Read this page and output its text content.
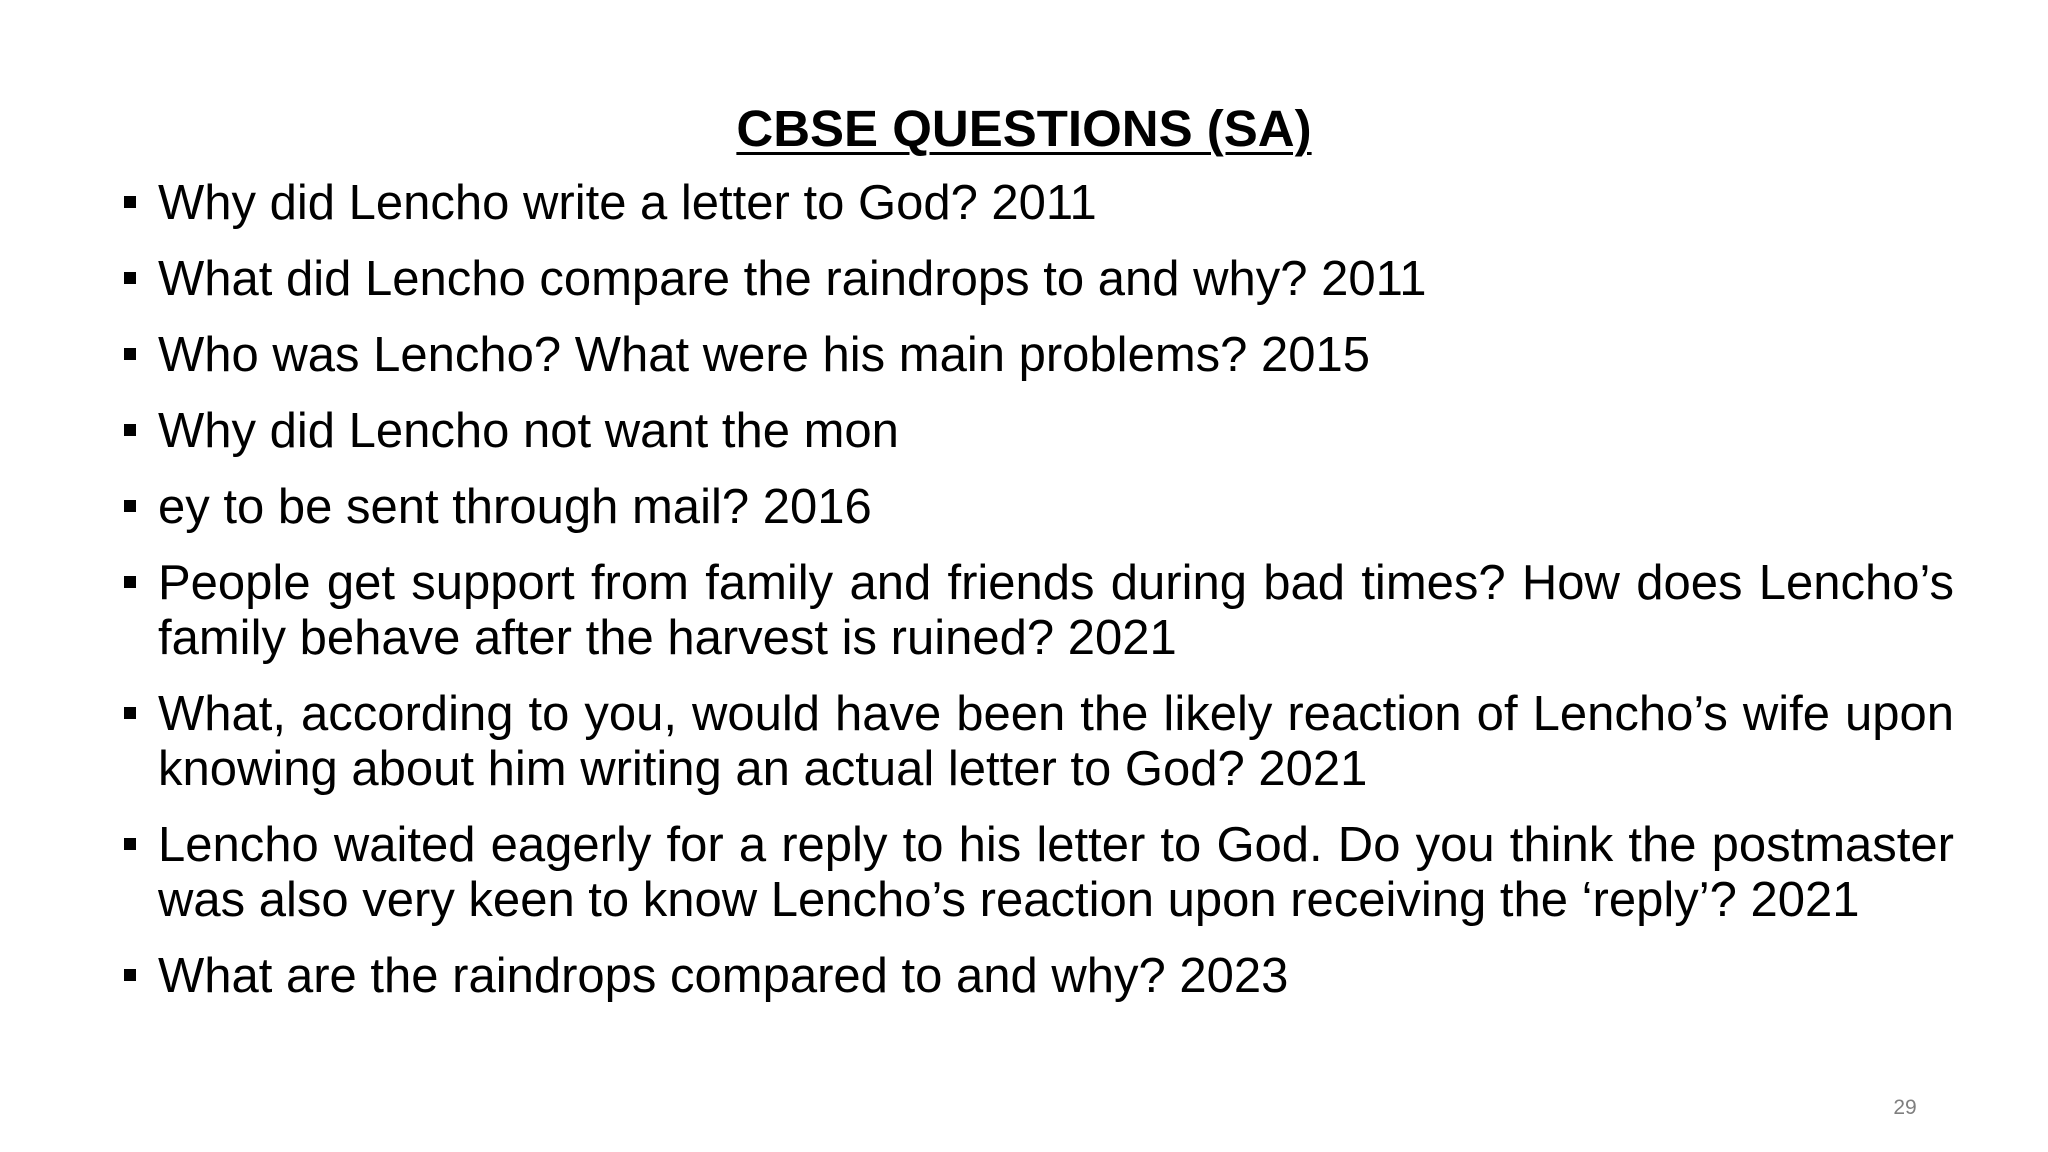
CBSE QUESTIONS (SA)
Why did Lencho write a letter to God? 2011
What did Lencho compare the raindrops to and why? 2011
Who was Lencho? What were his main problems? 2015
Why did Lencho not want the mon
ey to be sent through mail? 2016
People get support from family and friends during bad times? How does Lencho’s family behave after the harvest is ruined? 2021
What, according to you, would have been the likely reaction of Lencho’s wife upon knowing about him writing an actual letter to God? 2021
Lencho waited eagerly for a reply to his letter to God. Do you think the postmaster was also very keen to know Lencho’s reaction upon receiving the ‘reply’? 2021
What are the raindrops compared to and why? 2023
29
